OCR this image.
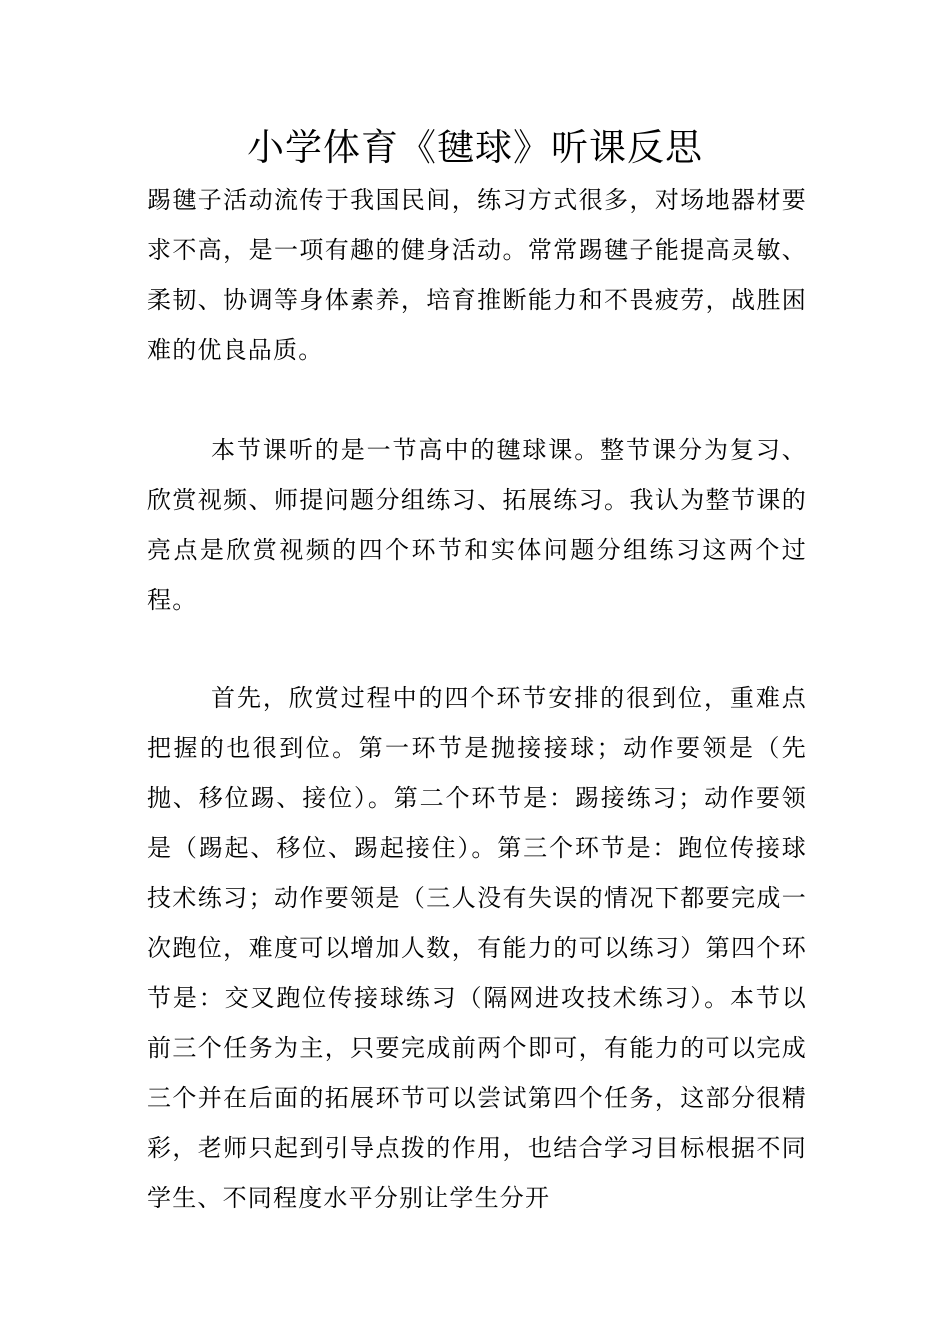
小学体育《毽球》听课反思

踢毽子活动流传于我国民间，练习方式很多，对场地器材要求不高，是一项有趣的健身活动。常常踢毽子能提高灵敏、柔韧、协调等身体素养，培育推断能力和不畏疲劳，战胜困难的优良品质。

本节课听的是一节高中的毽球课。整节课分为复习、欣赏视频、师提问题分组练习、拓展练习。我认为整节课的亮点是欣赏视频的四个环节和实体问题分组练习这两个过程。

首先，欣赏过程中的四个环节安排的很到位，重难点把握的也很到位。第一环节是抛接接球；动作要领是（先抛、移位踢、接位）。第二个环节是：踢接练习；动作要领是（踢起、移位、踢起接住）。第三个环节是：跑位传接球技术练习；动作要领是（三人没有失误的情况下都要完成一次跑位，难度可以增加人数，有能力的可以练习）第四个环节是：交叉跑位传接球练习（隔网进攻技术练习）。本节以前三个任务为主，只要完成前两个即可，有能力的可以完成三个并在后面的拓展环节可以尝试第四个任务，这部分很精彩，老师只起到引导点拨的作用，也结合学习目标根据不同学生、不同程度水平分别让学生分开
